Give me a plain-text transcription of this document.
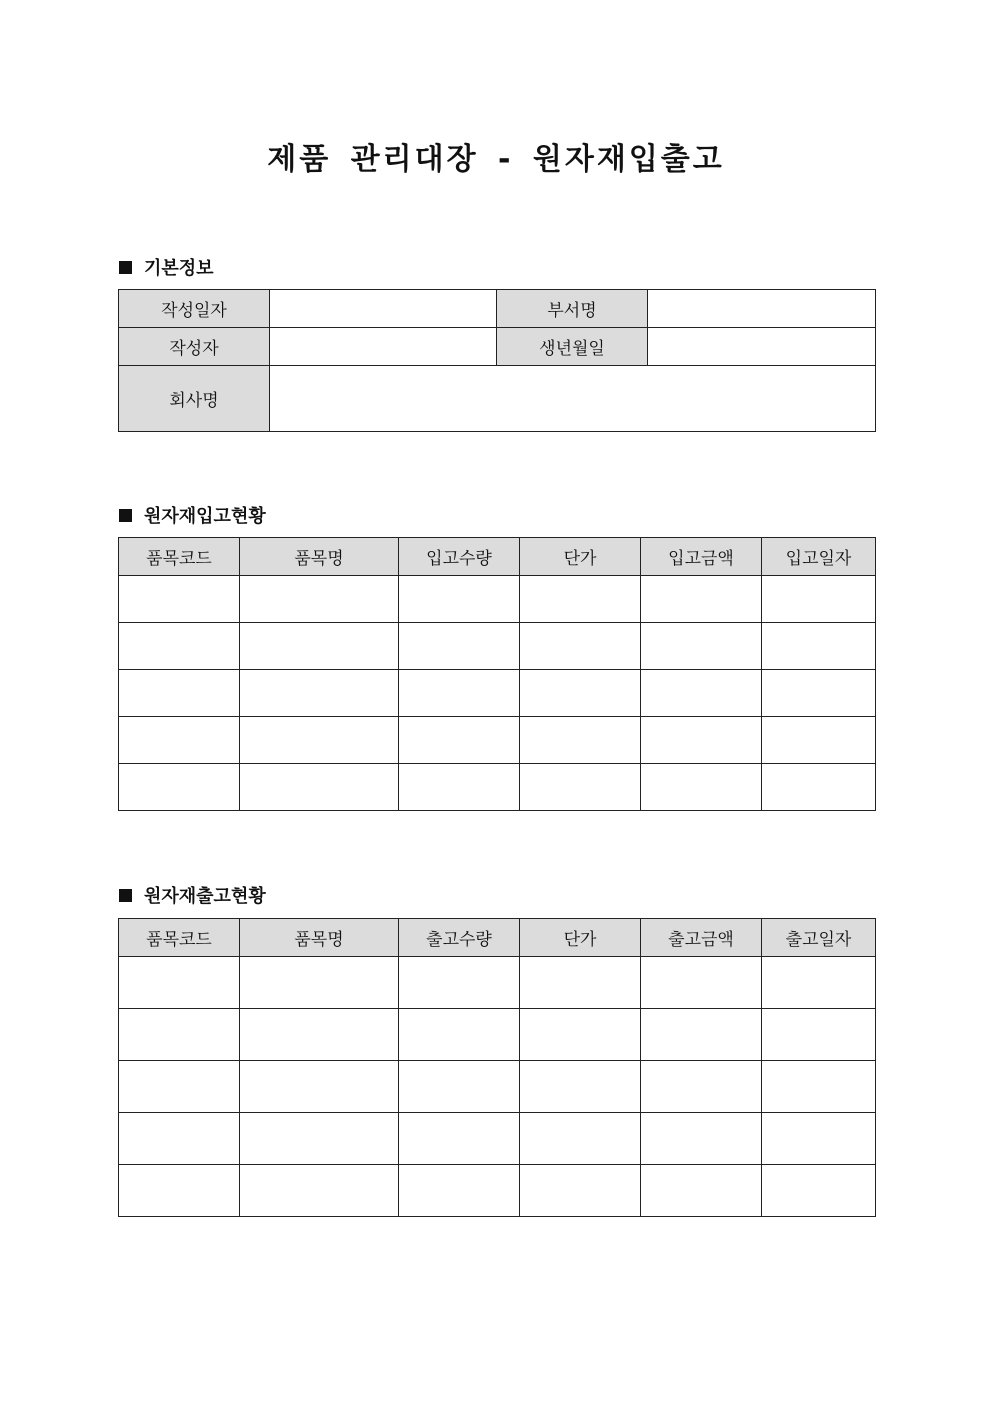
제품 관리대장 - 원자재입출고
기본정보
작성일자		부서명	
작성자		생년월일	
회사명			
원자재입고현황
품목코드	품목명	입고수량	단가	입고금액	입고일자

원자재출고현황
품목코드	품목명	출고수량	단가	출고금액	출고일자
